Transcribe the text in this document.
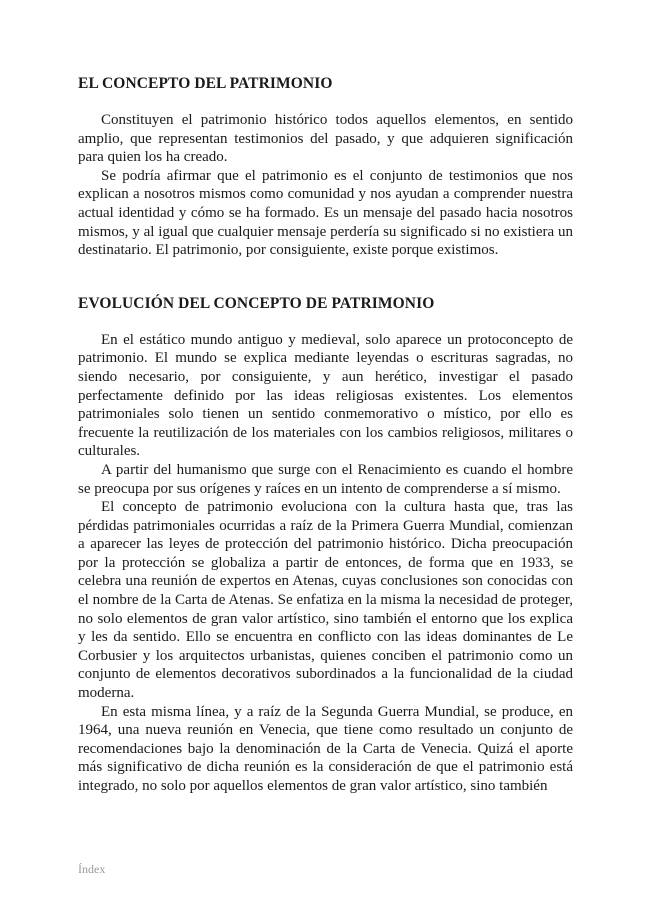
EL CONCEPTO DEL PATRIMONIO

Constituyen el patrimonio histórico todos aquellos elementos, en sentido amplio, que representan testimonios del pasado, y que adquieren significación para quien los ha creado.

Se podría afirmar que el patrimonio es el conjunto de testimonios que nos explican a nosotros mismos como comunidad y nos ayudan a comprender nuestra actual identidad y cómo se ha formado. Es un mensaje del pasado hacia nosotros mismos, y al igual que cualquier mensaje perdería su significado si no existiera un destinatario. El patrimonio, por consiguiente, existe porque existimos.

EVOLUCIÓN DEL CONCEPTO DE PATRIMONIO

En el estático mundo antiguo y medieval, solo aparece un protoconcepto de patrimonio. El mundo se explica mediante leyendas o escrituras sagradas, no siendo necesario, por consiguiente, y aun herético, investigar el pasado perfectamente definido por las ideas religiosas existentes. Los elementos patrimoniales solo tienen un sentido conmemorativo o místico, por ello es frecuente la reutilización de los materiales con los cambios religiosos, militares o culturales.

A partir del humanismo que surge con el Renacimiento es cuando el hombre se preocupa por sus orígenes y raíces en un intento de comprenderse a sí mismo.

El concepto de patrimonio evoluciona con la cultura hasta que, tras las pérdidas patrimoniales ocurridas a raíz de la Primera Guerra Mundial, comienzan a aparecer las leyes de protección del patrimonio histórico. Dicha preocupación por la protección se globaliza a partir de entonces, de forma que en 1933, se celebra una reunión de expertos en Atenas, cuyas conclusiones son conocidas con el nombre de la Carta de Atenas. Se enfatiza en la misma la necesidad de proteger, no solo elementos de gran valor artístico, sino también el entorno que los explica y les da sentido. Ello se encuentra en conflicto con las ideas dominantes de Le Corbusier y los arquitectos urbanistas, quienes conciben el patrimonio como un conjunto de elementos decorativos subordinados a la funcionalidad de la ciudad moderna.

En esta misma línea, y a raíz de la Segunda Guerra Mundial, se produce, en 1964, una nueva reunión en Venecia, que tiene como resultado un conjunto de recomendaciones bajo la denominación de la Carta de Venecia. Quizá el aporte más significativo de dicha reunión es la consideración de que el patrimonio está integrado, no solo por aquellos elementos de gran valor artístico, sino también

Índex
